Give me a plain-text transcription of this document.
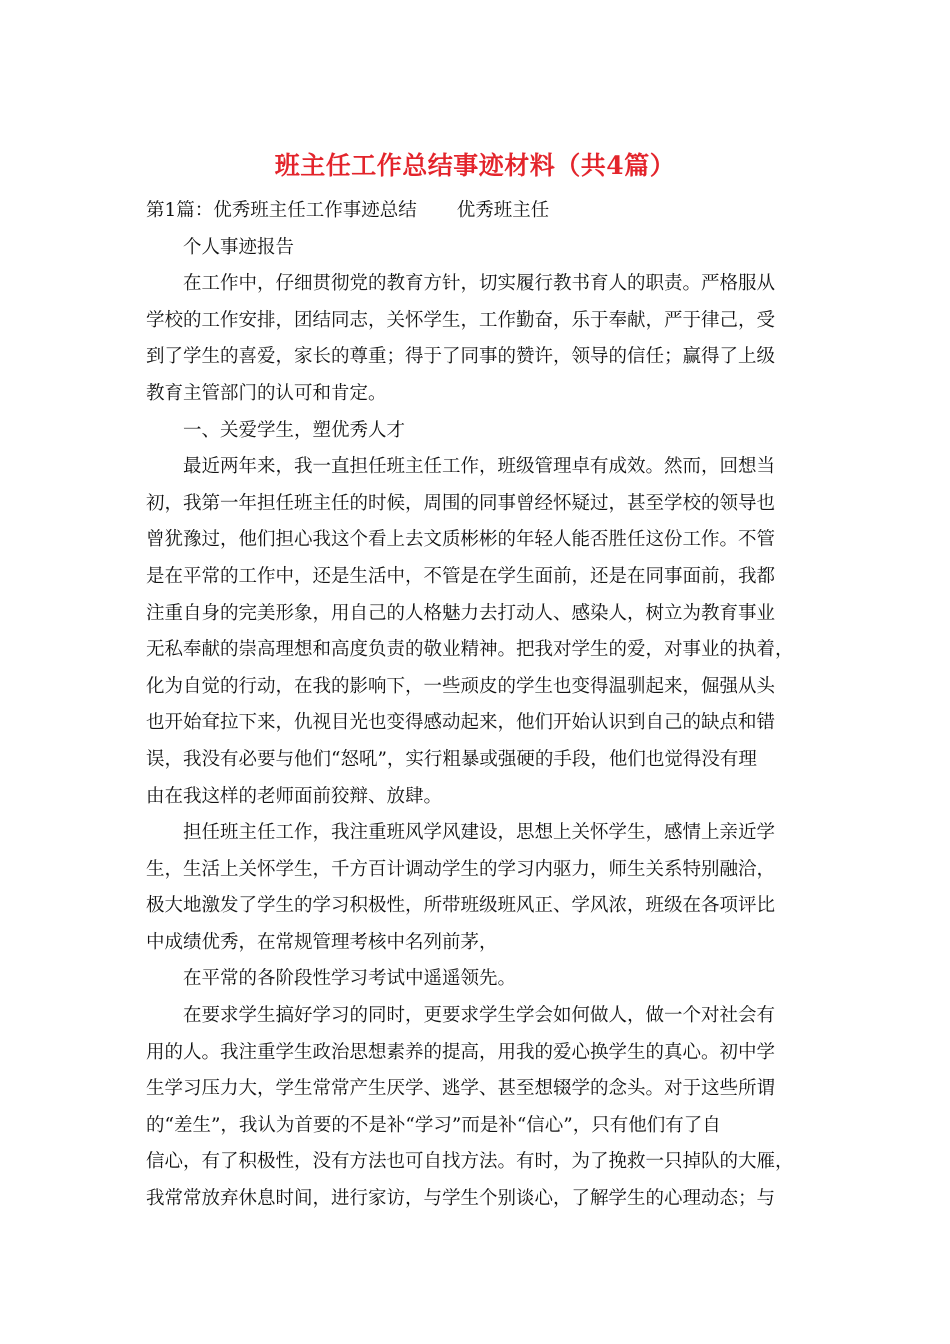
班主任工作总结事迹材料（共4篇）
第1篇：优秀班主任工作事迹总结 优秀班主任
个人事迹报告
在工作中，仔细贯彻党的教育方针，切实履行教书育人的职责。严格服从
学校的工作安排，团结同志，关怀学生，工作勤奋，乐于奉献，严于律己，受
到了学生的喜爱，家长的尊重；得于了同事的赞许，领导的信任；赢得了上级
教育主管部门的认可和肯定。
一、关爱学生，塑优秀人才
最近两年来，我一直担任班主任工作，班级管理卓有成效。然而，回想当
初，我第一年担任班主任的时候，周围的同事曾经怀疑过，甚至学校的领导也
曾犹豫过，他们担心我这个看上去文质彬彬的年轻人能否胜任这份工作。不管
是在平常的工作中，还是生活中，不管是在学生面前，还是在同事面前，我都
注重自身的完美形象，用自己的人格魅力去打动人、感染人，树立为教育事业
无私奉献的崇高理想和高度负责的敬业精神。把我对学生的爱，对事业的执着，
化为自觉的行动，在我的影响下，一些顽皮的学生也变得温驯起来，倔强从头
也开始耷拉下来，仇视目光也变得感动起来，他们开始认识到自己的缺点和错
误，我没有必要与他们“怒吼”，实行粗暴或强硬的手段，他们也觉得没有理
由在我这样的老师面前狡辩、放肆。
担任班主任工作，我注重班风学风建设，思想上关怀学生，感情上亲近学
生，生活上关怀学生，千方百计调动学生的学习内驱力，师生关系特别融洽，
极大地激发了学生的学习积极性，所带班级班风正、学风浓，班级在各项评比
中成绩优秀，在常规管理考核中名列前茅，
在平常的各阶段性学习考试中遥遥领先。
在要求学生搞好学习的同时，更要求学生学会如何做人，做一个对社会有
用的人。我注重学生政治思想素养的提高，用我的爱心换学生的真心。初中学
生学习压力大，学生常常产生厌学、逃学、甚至想辍学的念头。对于这些所谓
的“差生”，我认为首要的不是补“学习”而是补“信心”，只有他们有了自
信心，有了积极性，没有方法也可自找方法。有时，为了挽救一只掉队的大雁，
我常常放弃休息时间，进行家访，与学生个别谈心，了解学生的心理动态；与
